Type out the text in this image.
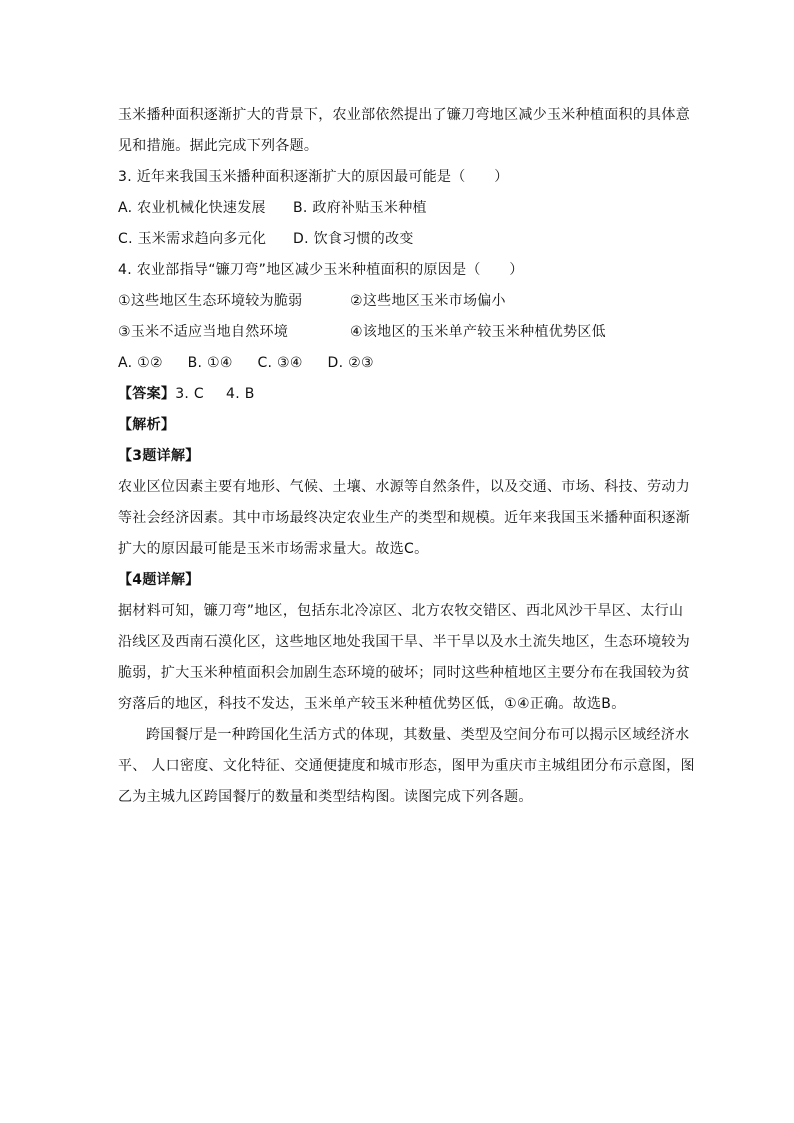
玉米播种面积逐渐扩大的背景下，农业部依然提出了镰刀弯地区减少玉米种植面积的具体意
见和措施。据此完成下列各题。
3. 近年来我国玉米播种面积逐渐扩大的原因最可能是（　　）
A. 农业机械化快速发展	B. 政府补贴玉米种植
C. 玉米需求趋向多元化	D. 饮食习惯的改变
4. 农业部指导“镰刀弯”地区减少玉米种植面积的原因是（　　）
①这些地区生态环境较为脆弱	②这些地区玉米市场偏小
③玉米不适应当地自然环境	④该地区的玉米单产较玉米种植优势区低
A. ①② B. ①④ C. ③④ D. ②③
【答案】3. C 4. B
【解析】
【3题详解】
农业区位因素主要有地形、气候、土壤、水源等自然条件，以及交通、市场、科技、劳动力
等社会经济因素。其中市场最终决定农业生产的类型和规模。近年来我国玉米播种面积逐渐
扩大的原因最可能是玉米市场需求量大。故选C。
【4题详解】
据材料可知，镰刀弯”地区，包括东北冷凉区、北方农牧交错区、西北风沙干旱区、太行山
沿线区及西南石漠化区，这些地区地处我国干旱、半干旱以及水土流失地区，生态环境较为
脆弱，扩大玉米种植面积会加剧生态环境的破坏；同时这些种植地区主要分布在我国较为贫
穷落后的地区，科技不发达，玉米单产较玉米种植优势区低，①④正确。故选B。
跨国餐厅是一种跨国化生活方式的体现，其数量、类型及空间分布可以揭示区域经济水
平、 人口密度、文化特征、交通便捷度和城市形态，图甲为重庆市主城组团分布示意图，图
乙为主城九区跨国餐厅的数量和类型结构图。读图完成下列各题。
